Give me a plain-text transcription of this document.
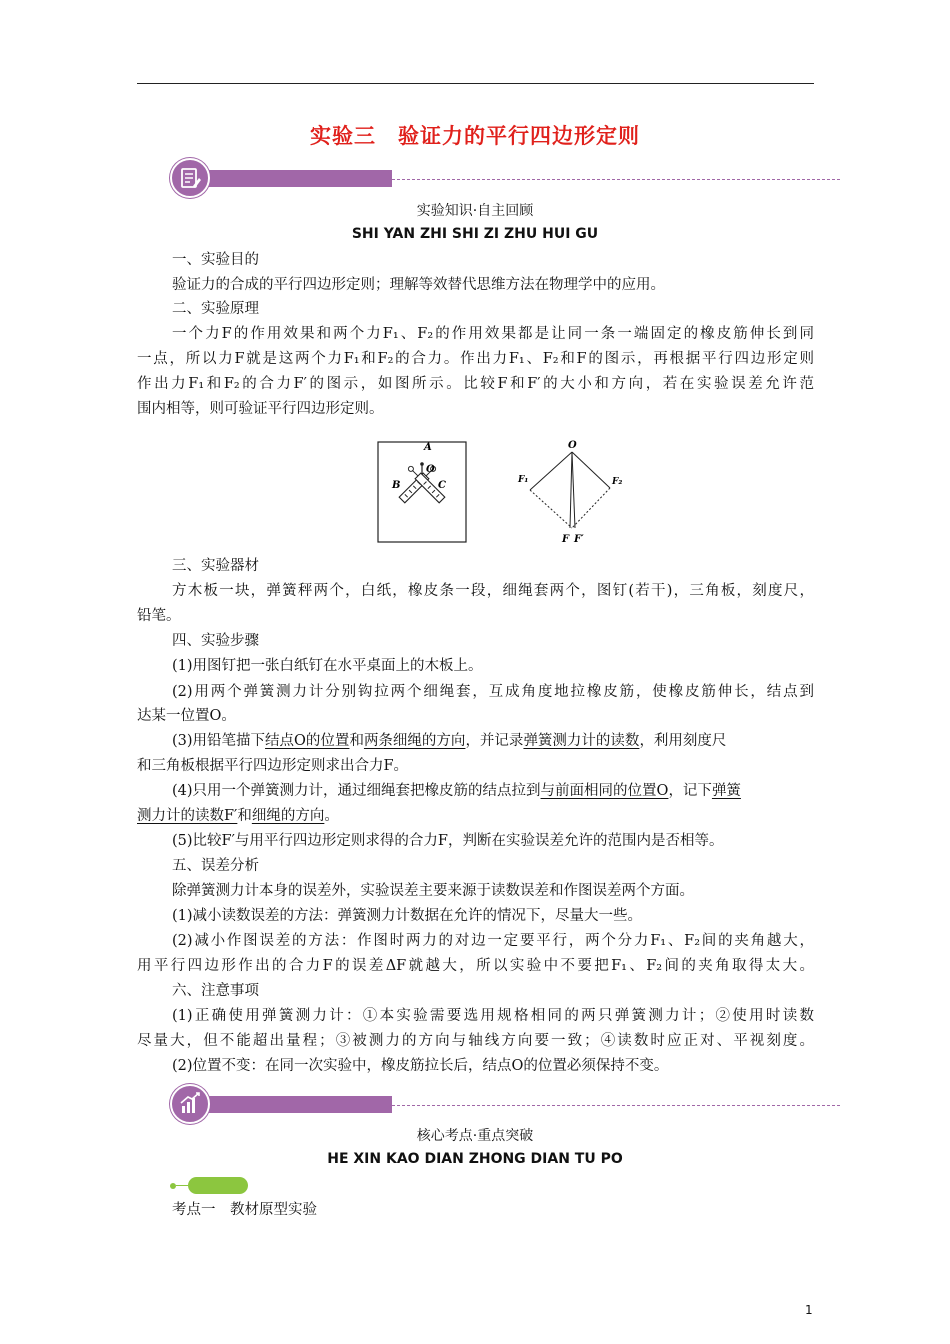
实验三　验证力的平行四边形定则
实验知识·自主回顾
SHI YAN ZHI SHI ZI ZHU HUI GU
一、实验目的
验证力的合成的平行四边形定则；理解等效替代思维方法在物理学中的应用。
二、实验原理
一个力F的作用效果和两个力F₁、F₂的作用效果都是让同一条一端固定的橡皮筋伸长到同
一点，所以力F就是这两个力F₁和F₂的合力。作出力F₁、F₂和F的图示，再根据平行四边形定则
作出力F₁和F₂的合力F′的图示，如图所示。比较F和F′的大小和方向，若在实验误差允许范
围内相等，则可验证平行四边形定则。
A
O
B	C
O
F₁	F₂
F F′
三、实验器材
方木板一块，弹簧秤两个，白纸，橡皮条一段，细绳套两个，图钉(若干)，三角板，刻度尺，
铅笔。
四、实验步骤
(1)用图钉把一张白纸钉在水平桌面上的木板上。
(2)用两个弹簧测力计分别钩拉两个细绳套，互成角度地拉橡皮筋，使橡皮筋伸长，结点到
达某一位置O。
(3)用铅笔描下结点O的位置和两条细绳的方向，并记录弹簧测力计的读数，利用刻度尺
和三角板根据平行四边形定则求出合力F。
(4)只用一个弹簧测力计，通过细绳套把橡皮筋的结点拉到与前面相同的位置O，记下弹簧
测力计的读数F′和细绳的方向。
(5)比较F′与用平行四边形定则求得的合力F，判断在实验误差允许的范围内是否相等。
五、误差分析
除弹簧测力计本身的误差外，实验误差主要来源于读数误差和作图误差两个方面。
(1)减小读数误差的方法：弹簧测力计数据在允许的情况下，尽量大一些。
(2)减小作图误差的方法：作图时两力的对边一定要平行，两个分力F₁、F₂间的夹角越大，
用平行四边形作出的合力F的误差ΔF就越大，所以实验中不要把F₁、F₂间的夹角取得太大。
六、注意事项
(1)正确使用弹簧测力计：①本实验需要选用规格相同的两只弹簧测力计；②使用时读数
尽量大，但不能超出量程；③被测力的方向与轴线方向要一致；④读数时应正对、平视刻度。
(2)位置不变：在同一次实验中，橡皮筋拉长后，结点O的位置必须保持不变。
核心考点·重点突破
HE XIN KAO DIAN ZHONG DIAN TU PO
考点一　教材原型实验
1
